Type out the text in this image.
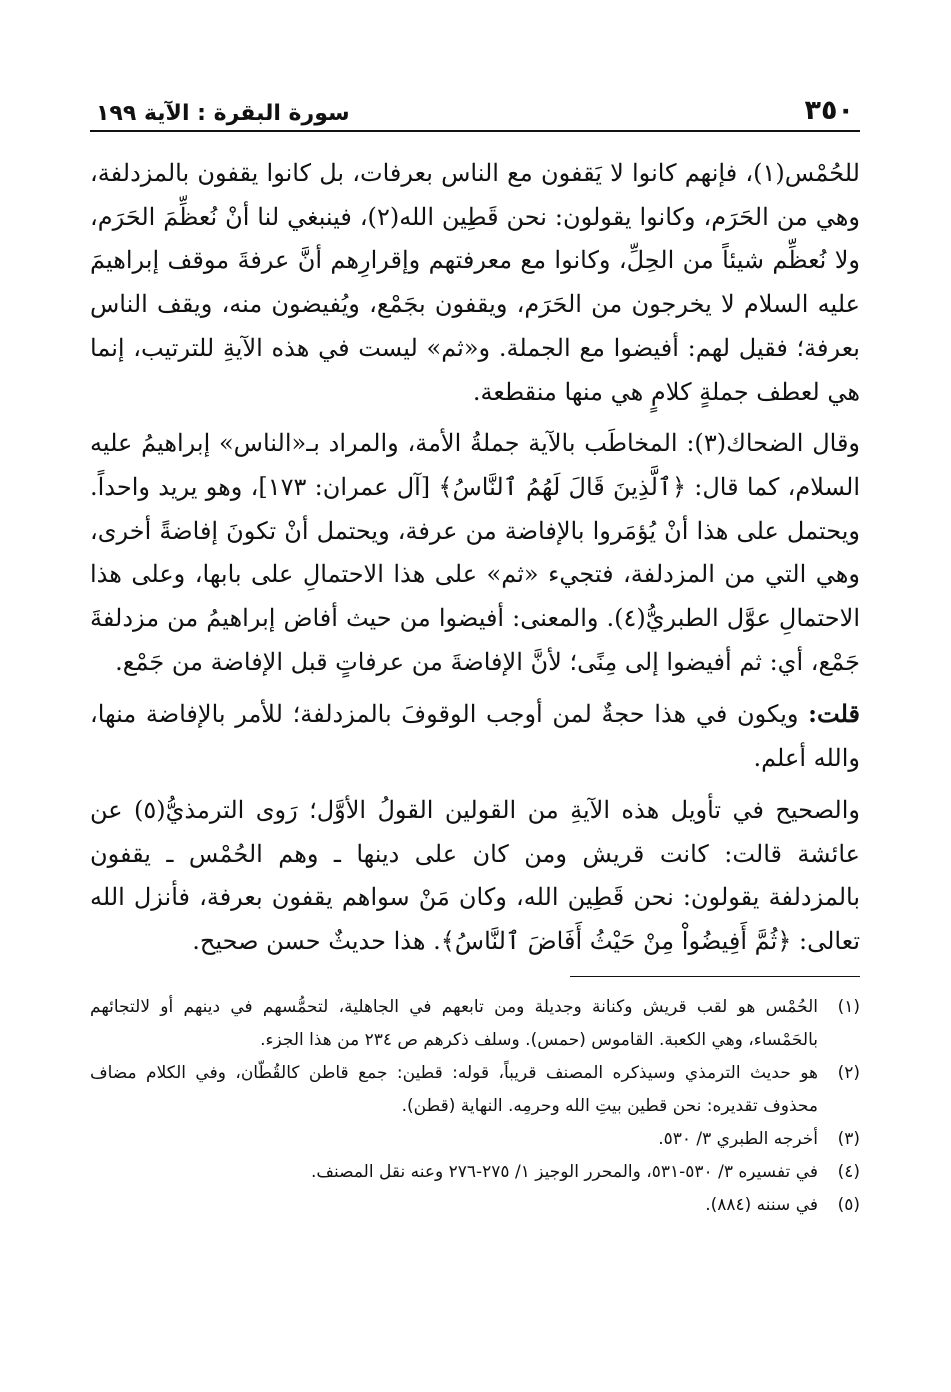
٣٥٠
سورة البقرة : الآية ١٩٩

للحُمْس(١)، فإنهم كانوا لا يَقفون مع الناس بعرفات، بل كانوا يقفون بالمزدلفة، وهي من الحَرَم، وكانوا يقولون: نحن قَطِين الله(٢)، فينبغي لنا أنْ نُعظِّمَ الحَرَم، ولا نُعظِّم شيئاً من الحِلِّ، وكانوا مع معرفتهم وإقرارِهم أنَّ عرفةَ موقف إبراهيمَ عليه السلام لا يخرجون من الحَرَم، ويقفون بجَمْع، ويُفيضون منه، ويقف الناس بعرفة؛ فقيل لهم: أفيضوا مع الجملة. و«ثم» ليست في هذه الآيةِ للترتيب، إنما هي لعطف جملةٍ كلامٍ هي منها منقطعة.

وقال الضحاك(٣): المخاطَب بالآية جملةُ الأمة، والمراد بـ«الناس» إبراهيمُ عليه السلام، كما قال: ﴿ٱلَّذِينَ قَالَ لَهُمُ ٱلنَّاسُ﴾ [آل عمران: ١٧٣]، وهو يريد واحداً. ويحتمل على هذا أنْ يُؤمَروا بالإفاضة من عرفة، ويحتمل أنْ تكونَ إفاضةً أخرى، وهي التي من المزدلفة، فتجيء «ثم» على هذا الاحتمالِ على بابها، وعلى هذا الاحتمالِ عوَّل الطبريُّ(٤). والمعنى: أفيضوا من حيث أفاض إبراهيمُ من مزدلفةَ جَمْع، أي: ثم أفيضوا إلى مِنًى؛ لأنَّ الإفاضةَ من عرفاتٍ قبل الإفاضة من جَمْع.

قلت: ويكون في هذا حجةٌ لمن أوجب الوقوفَ بالمزدلفة؛ للأمر بالإفاضة منها، والله أعلم.

والصحيح في تأويل هذه الآيةِ من القولين القولُ الأوَّل؛ رَوى الترمذيُّ(٥) عن عائشة قالت: كانت قريش ومن كان على دينها ـ وهم الحُمْس ـ يقفون بالمزدلفة يقولون: نحن قَطِين الله، وكان مَنْ سواهم يقفون بعرفة، فأنزل الله تعالى: ﴿ثُمَّ أَفِيضُواْ مِنْ حَيْثُ أَفَاضَ ٱلنَّاسُ﴾. هذا حديثٌ حسن صحيح.

(١)
الحُمْس هو لقب قريش وكنانة وجديلة ومن تابعهم في الجاهلية، لتحمُّسهم في دينهم أو لالتجائهم بالحَمْساء، وهي الكعبة. القاموس (حمس). وسلف ذكرهم ص ٢٣٤ من هذا الجزء.
(٢)
هو حديث الترمذي وسيذكره المصنف قريباً، قوله: قطين: جمع قاطن كالقُطّان، وفي الكلام مضاف محذوف تقديره: نحن قطين بيتِ الله وحرمِه. النهاية (قطن).
(٣)
أخرجه الطبري ٣/ ٥٣٠.
(٤)
في تفسيره ٣/ ٥٣٠-٥٣١، والمحرر الوجيز ١/ ٢٧٥-٢٧٦ وعنه نقل المصنف.
(٥)
في سننه (٨٨٤).
